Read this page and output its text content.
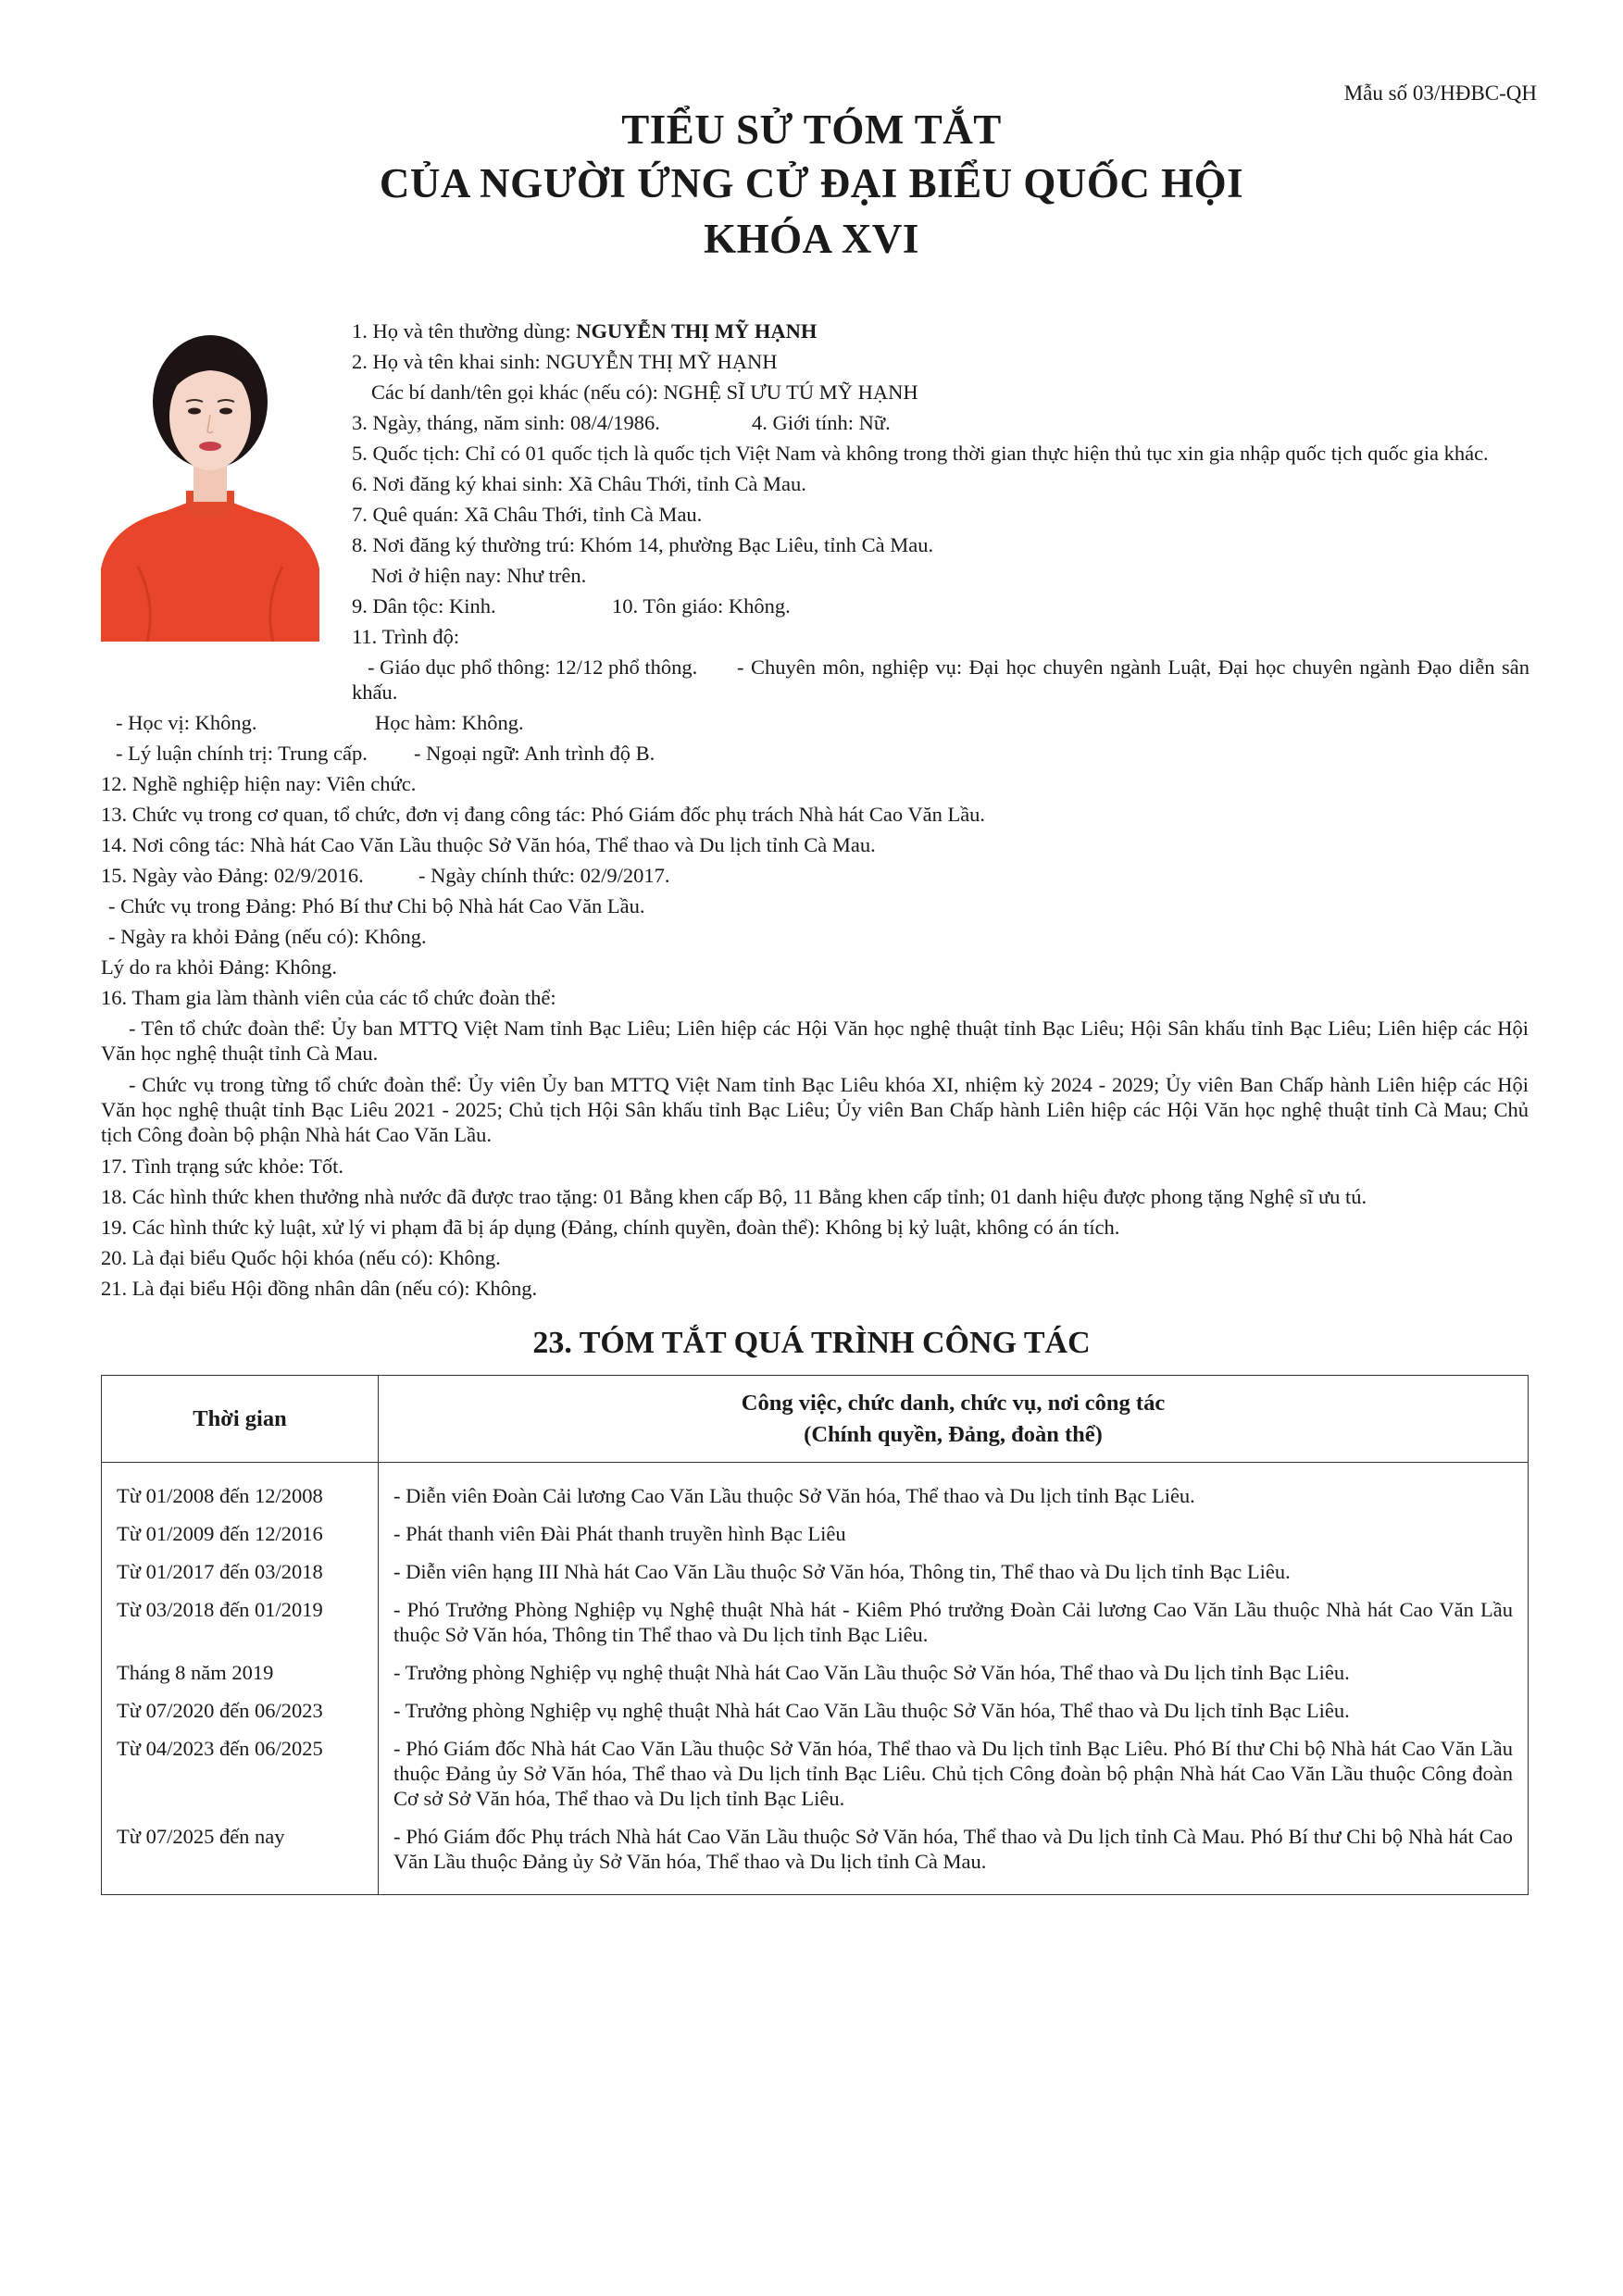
Mẫu số 03/HĐBC-QH
TIỂU SỬ TÓM TẮT
CỦA NGƯỜI ỨNG CỬ ĐẠI BIỂU QUỐC HỘI
KHÓA XVI
1. Họ và tên thường dùng: NGUYỄN THỊ MỸ HẠNH
2. Họ và tên khai sinh: NGUYỄN THỊ MỸ HẠNH
Các bí danh/tên gọi khác (nếu có): NGHỆ SĨ ƯU TÚ MỸ HẠNH
3. Ngày, tháng, năm sinh: 08/4/1986.	4. Giới tính: Nữ.
5. Quốc tịch: Chỉ có 01 quốc tịch là quốc tịch Việt Nam và không trong thời gian thực hiện thủ tục xin gia nhập quốc tịch quốc gia khác.
6. Nơi đăng ký khai sinh: Xã Châu Thới, tỉnh Cà Mau.
7. Quê quán: Xã Châu Thới, tỉnh Cà Mau.
8. Nơi đăng ký thường trú: Khóm 14, phường Bạc Liêu, tỉnh Cà Mau.
Nơi ở hiện nay: Như trên.
9. Dân tộc: Kinh.	10. Tôn giáo: Không.
11. Trình độ:
- Giáo dục phổ thông: 12/12 phổ thông.	- Chuyên môn, nghiệp vụ: Đại học chuyên ngành Luật, Đại học chuyên ngành Đạo diễn sân khấu.
- Học vị: Không.	Học hàm: Không.
- Lý luận chính trị: Trung cấp. - Ngoại ngữ: Anh trình độ B.
12. Nghề nghiệp hiện nay: Viên chức.
13. Chức vụ trong cơ quan, tổ chức, đơn vị đang công tác: Phó Giám đốc phụ trách Nhà hát Cao Văn Lầu.
14. Nơi công tác: Nhà hát Cao Văn Lầu thuộc Sở Văn hóa, Thể thao và Du lịch tỉnh Cà Mau.
15. Ngày vào Đảng: 02/9/2016.	- Ngày chính thức: 02/9/2017.
- Chức vụ trong Đảng: Phó Bí thư Chi bộ Nhà hát Cao Văn Lầu.
- Ngày ra khỏi Đảng (nếu có): Không.
Lý do ra khỏi Đảng: Không.
16. Tham gia làm thành viên của các tổ chức đoàn thể:
- Tên tổ chức đoàn thể: Ủy ban MTTQ Việt Nam tỉnh Bạc Liêu; Liên hiệp các Hội Văn học nghệ thuật tỉnh Bạc Liêu; Hội Sân khấu tỉnh Bạc Liêu; Liên hiệp các Hội Văn học nghệ thuật tỉnh Cà Mau.
- Chức vụ trong từng tổ chức đoàn thể: Ủy viên Ủy ban MTTQ Việt Nam tỉnh Bạc Liêu khóa XI, nhiệm kỳ 2024 - 2029; Ủy viên Ban Chấp hành Liên hiệp các Hội Văn học nghệ thuật tỉnh Bạc Liêu 2021 - 2025; Chủ tịch Hội Sân khấu tỉnh Bạc Liêu; Ủy viên Ban Chấp hành Liên hiệp các Hội Văn học nghệ thuật tỉnh Cà Mau; Chủ tịch Công đoàn bộ phận Nhà hát Cao Văn Lầu.
17. Tình trạng sức khỏe: Tốt.
18. Các hình thức khen thưởng nhà nước đã được trao tặng: 01 Bằng khen cấp Bộ, 11 Bằng khen cấp tỉnh; 01 danh hiệu được phong tặng Nghệ sĩ ưu tú.
19. Các hình thức kỷ luật, xử lý vi phạm đã bị áp dụng (Đảng, chính quyền, đoàn thể): Không bị kỷ luật, không có án tích.
20. Là đại biểu Quốc hội khóa (nếu có): Không.
21. Là đại biểu Hội đồng nhân dân (nếu có): Không.
23. TÓM TẮT QUÁ TRÌNH CÔNG TÁC
Thời gian	Công việc, chức danh, chức vụ, nơi công tác
(Chính quyền, Đảng, đoàn thể)
Từ 01/2008 đến 12/2008	- Diễn viên Đoàn Cải lương Cao Văn Lầu thuộc Sở Văn hóa, Thể thao và Du lịch tỉnh Bạc Liêu.
Từ 01/2009 đến 12/2016	- Phát thanh viên Đài Phát thanh truyền hình Bạc Liêu
Từ 01/2017 đến 03/2018	- Diễn viên hạng III Nhà hát Cao Văn Lầu thuộc Sở Văn hóa, Thông tin, Thể thao và Du lịch tỉnh Bạc Liêu.
Từ 03/2018 đến 01/2019	- Phó Trưởng Phòng Nghiệp vụ Nghệ thuật Nhà hát - Kiêm Phó trưởng Đoàn Cải lương Cao Văn Lầu thuộc Nhà hát Cao Văn Lầu thuộc Sở Văn hóa, Thông tin Thể thao và Du lịch tỉnh Bạc Liêu.
Tháng 8 năm 2019	- Trưởng phòng Nghiệp vụ nghệ thuật Nhà hát Cao Văn Lầu thuộc Sở Văn hóa, Thể thao và Du lịch tỉnh Bạc Liêu.
Từ 07/2020 đến 06/2023	- Trưởng phòng Nghiệp vụ nghệ thuật Nhà hát Cao Văn Lầu thuộc Sở Văn hóa, Thể thao và Du lịch tỉnh Bạc Liêu.
Từ 04/2023 đến 06/2025	- Phó Giám đốc Nhà hát Cao Văn Lầu thuộc Sở Văn hóa, Thể thao và Du lịch tỉnh Bạc Liêu. Phó Bí thư Chi bộ Nhà hát Cao Văn Lầu thuộc Đảng ủy Sở Văn hóa, Thể thao và Du lịch tỉnh Bạc Liêu. Chủ tịch Công đoàn bộ phận Nhà hát Cao Văn Lầu thuộc Công đoàn Cơ sở Sở Văn hóa, Thể thao và Du lịch tỉnh Bạc Liêu.
Từ 07/2025 đến nay	- Phó Giám đốc Phụ trách Nhà hát Cao Văn Lầu thuộc Sở Văn hóa, Thể thao và Du lịch tỉnh Cà Mau. Phó Bí thư Chi bộ Nhà hát Cao Văn Lầu thuộc Đảng ủy Sở Văn hóa, Thể thao và Du lịch tỉnh Cà Mau.
